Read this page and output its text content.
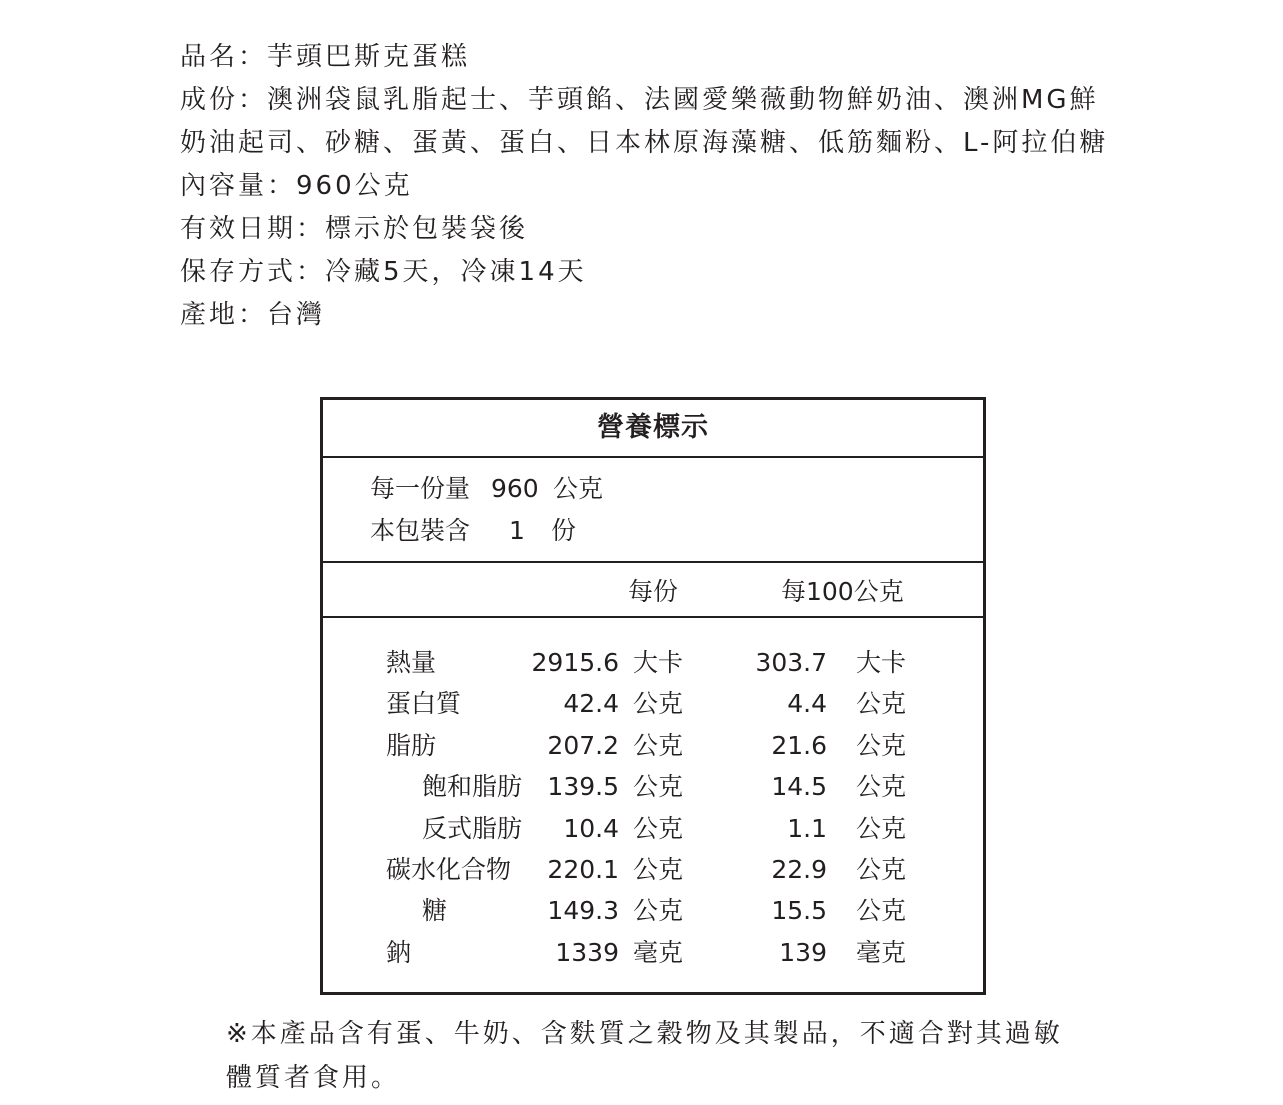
品名：芋頭巴斯克蛋糕
成份：澳洲袋鼠乳脂起士、芋頭餡、法國愛樂薇動物鮮奶油、澳洲MG鮮奶油起司、砂糖、蛋黃、蛋白、日本林原海藻糖、低筋麵粉、L-阿拉伯糖
內容量：960公克
有效日期：標示於包裝袋後
保存方式：冷藏5天，冷凍14天
產地：台灣
營養標示
每一份量 960 公克
本包裝含 1 份
每份	每100公克
熱量	2915.6 大卡	303.7 大卡
蛋白質	42.4 公克	4.4 公克
脂肪	207.2 公克	21.6 公克
飽和脂肪	139.5 公克	14.5 公克
反式脂肪	10.4 公克	1.1 公克
碳水化合物	220.1 公克	22.9 公克
糖	149.3 公克	15.5 公克
鈉	1339 毫克	139 毫克
※本產品含有蛋、牛奶、含麩質之穀物及其製品，不適合對其過敏體質者食用。
